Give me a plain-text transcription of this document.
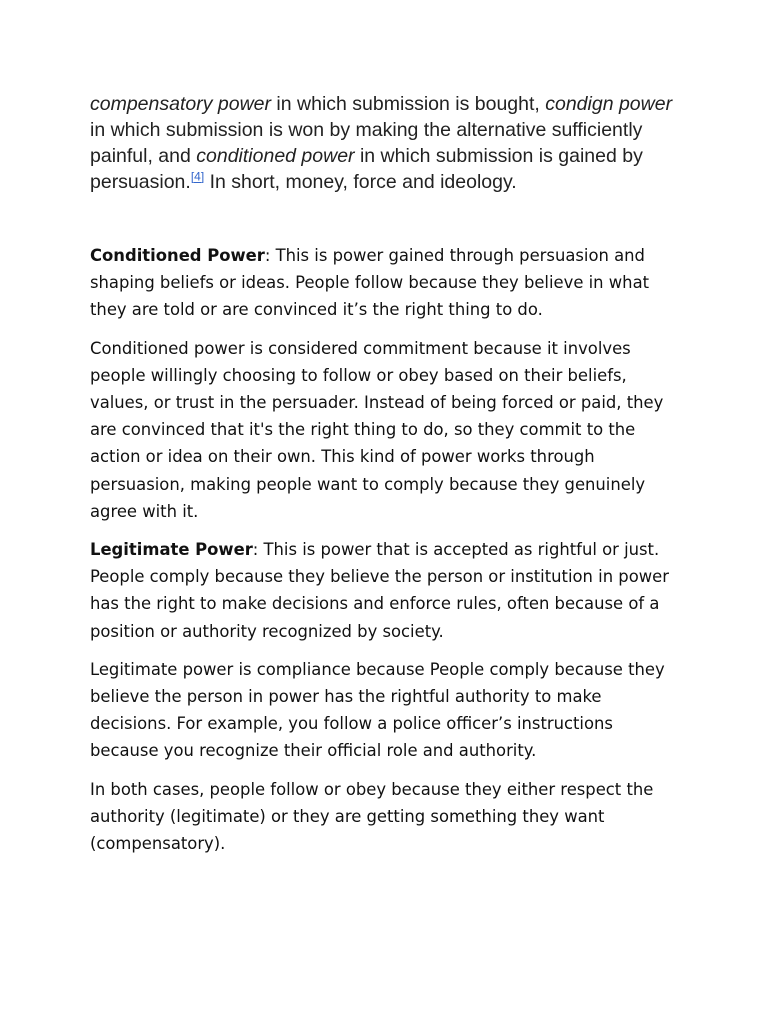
compensatory power in which submission is bought, condign power in which submission is won by making the alternative sufficiently painful, and conditioned power in which submission is gained by persuasion.[4] In short, money, force and ideology.

Conditioned Power: This is power gained through persuasion and shaping beliefs or ideas. People follow because they believe in what they are told or are convinced it’s the right thing to do.

Conditioned power is considered commitment because it involves people willingly choosing to follow or obey based on their beliefs, values, or trust in the persuader. Instead of being forced or paid, they are convinced that it's the right thing to do, so they commit to the action or idea on their own. This kind of power works through persuasion, making people want to comply because they genuinely agree with it.

Legitimate Power: This is power that is accepted as rightful or just. People comply because they believe the person or institution in power has the right to make decisions and enforce rules, often because of a position or authority recognized by society.

Legitimate power is compliance because People comply because they believe the person in power has the rightful authority to make decisions. For example, you follow a police officer’s instructions because you recognize their official role and authority.

In both cases, people follow or obey because they either respect the authority (legitimate) or they are getting something they want (compensatory).
